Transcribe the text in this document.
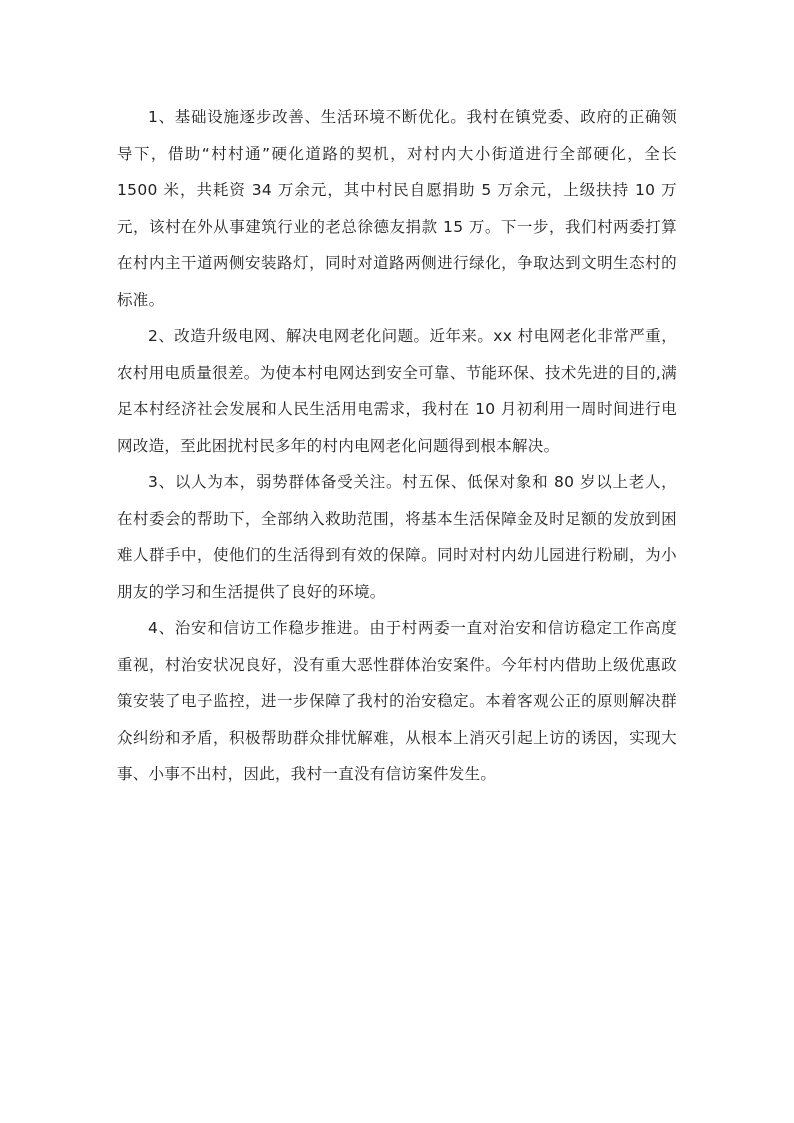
1、基础设施逐步改善、生活环境不断优化。我村在镇党委、政府的正确领导下，借助“村村通”硬化道路的契机，对村内大小街道进行全部硬化，全长 1500 米，共耗资 34 万余元，其中村民自愿捐助 5 万余元，上级扶持 10 万元，该村在外从事建筑行业的老总徐德友捐款 15 万。下一步，我们村两委打算在村内主干道两侧安装路灯，同时对道路两侧进行绿化，争取达到文明生态村的标准。

2、改造升级电网、解决电网老化问题。近年来。xx 村电网老化非常严重，农村用电质量很差。为使本村电网达到安全可靠、节能环保、技术先进的目的,满足本村经济社会发展和人民生活用电需求，我村在 10 月初利用一周时间进行电网改造，至此困扰村民多年的村内电网老化问题得到根本解决。

3、以人为本，弱势群体备受关注。村五保、低保对象和 80 岁以上老人，在村委会的帮助下，全部纳入救助范围，将基本生活保障金及时足额的发放到困难人群手中，使他们的生活得到有效的保障。同时对村内幼儿园进行粉刷，为小朋友的学习和生活提供了良好的环境。

4、治安和信访工作稳步推进。由于村两委一直对治安和信访稳定工作高度重视，村治安状况良好，没有重大恶性群体治安案件。今年村内借助上级优惠政策安装了电子监控，进一步保障了我村的治安稳定。本着客观公正的原则解决群众纠纷和矛盾，积极帮助群众排忧解难，从根本上消灭引起上访的诱因，实现大事、小事不出村，因此，我村一直没有信访案件发生。
